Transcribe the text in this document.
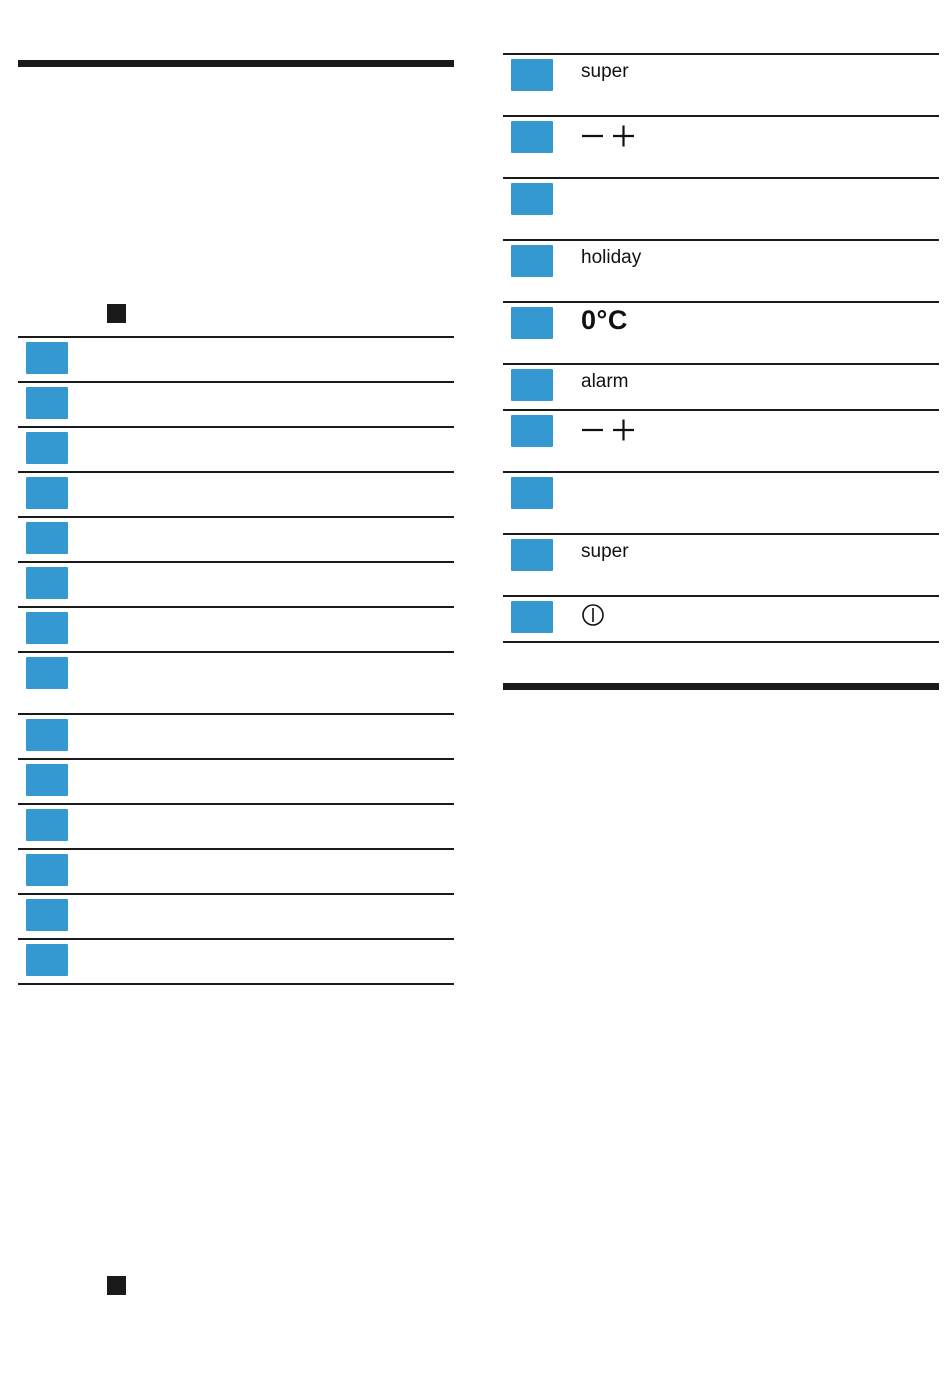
super
holiday
0°C
alarm
super
